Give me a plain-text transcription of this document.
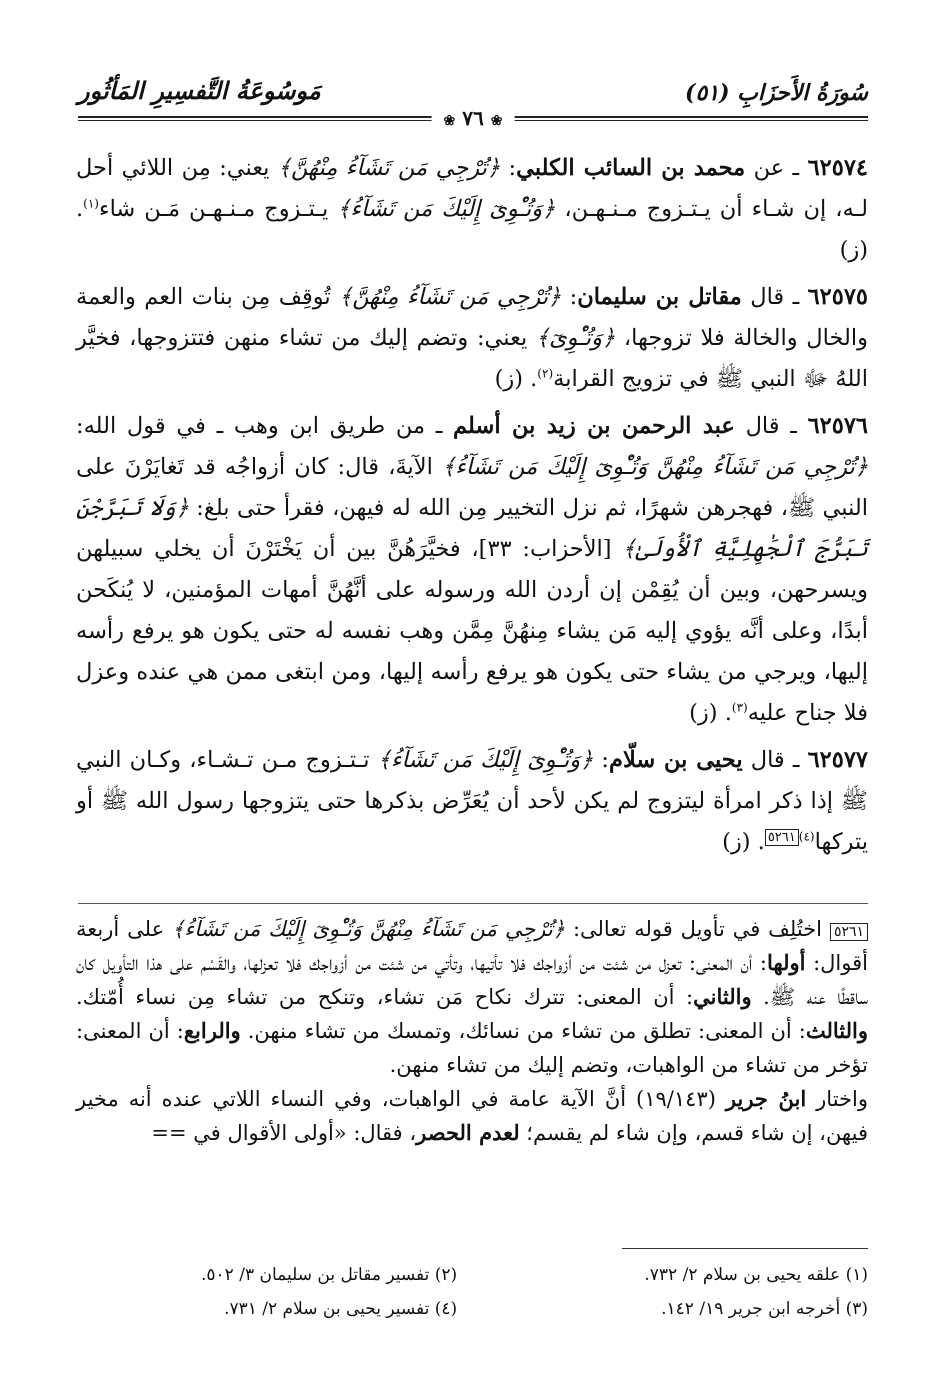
سُورَةُ الأَحزَابِ (٥١)
مَوسُوعَةُ التَّفسِيرِ المَأثُور
❀ ٧٦ ❀

٦٢٥٧٤ ـ عن محمد بن السائب الكلبي: ﴿تُرْجِي مَن تَشَآءُ مِنْهُنَّ﴾ يعني: مِن اللائي أحل لـه، إن شـاء أن يـتـزوج مـنـهـن، ﴿وَتُـْٔوِىٓ إِلَيْكَ مَن تَشَآءُ﴾ يـتـزوج مـنـهـن مَـن شاء$^{(١)}$. (ز)

٦٢٥٧٥ ـ قال مقاتل بن سليمان: ﴿تُرْجِي مَن تَشَآءُ مِنْهُنَّ﴾ تُوقِف مِن بنات العم والعمة والخال والخالة فلا تزوجها، ﴿وَتُـْٔوِىٓ﴾ يعني: وتضم إليك من تشاء منهن فتتزوجها، فخيَّر اللهُ ﷻ النبي ﷺ في تزويج القرابة$^{(٢)}$. (ز)

٦٢٥٧٦ ـ قال عبد الرحمن بن زيد بن أسلم ـ من طريق ابن وهب ـ في قول الله: ﴿تُرْجِي مَن تَشَآءُ مِنْهُنَّ وَتُـْٔوِىٓ إِلَيْكَ مَن تَشَآءُ﴾ الآيةَ، قال: كان أزواجُه قد تَغايَرْنَ على النبي ﷺ، فهجرهن شهرًا، ثم نزل التخيير مِن الله له فيهن، فقرأ حتى بلغ: ﴿وَلَا تَبَرَّجْنَ تَبَرُّجَ ٱلْجَٰهِلِيَّةِ ٱلْأُولَىٰ﴾ [الأحزاب: ٣٣]، فخيَّرَهُنَّ بين أن يَخْتَرْنَ أن يخلي سبيلهن ويسرحهن، وبين أن يُقِمْن إن أردن الله ورسوله على أنَّهُنَّ أمهات المؤمنين، لا يُنكَحن أبدًا، وعلى أنَّه يؤوي إليه مَن يشاء مِنهُنَّ مِمَّن وهب نفسه له حتى يكون هو يرفع رأسه إليها، ويرجي من يشاء حتى يكون هو يرفع رأسه إليها، ومن ابتغى ممن هي عنده وعزل فلا جناح عليه$^{(٣)}$. (ز)

٦٢٥٧٧ ـ قال يحيى بن سلّام: ﴿وَتُـْٔوِىٓ إِلَيْكَ مَن تَشَآءُ﴾ تـتـزوج مـن تـشـاء، وكـان النبي ﷺ إذا ذكر امرأة ليتزوج لم يكن لأحد أن يُعَرِّض بذكرها حتى يتزوجها رسول الله ﷺ أو يتركها$^{(٤)٥٢٦١}$. (ز)

٥٢٦١ اختُلِف في تأويل قوله تعالى: ﴿تُرْجِي مَن تَشَآءُ مِنْهُنَّ وَتُـْٔوِىٓ إِلَيْكَ مَن تَشَآءُ﴾ على أربعة أقوال: أولها: أن المعنى: تعزل من شئت من أزواجك فلا تأتيها، وتأتي من شئت من أزواجك فلا تعزلها، والقَسْم على هذا التأويل كان ساقطًا عنه ﷺ. والثاني: أن المعنى: تترك نكاح مَن تشاء، وتنكح من تشاء مِن نساء أُمّتك. والثالث: أن المعنى: تطلق من تشاء من نسائك، وتمسك من تشاء منهن. والرابع: أن المعنى: تؤخر من تشاء من الواهبات، وتضم إليك من تشاء منهن.

واختار ابنُ جرير (١٩/١٤٣) أنَّ الآية عامة في الواهبات، وفي النساء اللاتي عنده أنه مخير فيهن، إن شاء قسم، وإن شاء لم يقسم؛ لعدم الحصر، فقال: «أولى الأقوال في ==

(١) علقه يحيى بن سلام ٢/ ٧٣٢.
(٢) تفسير مقاتل بن سليمان ٣/ ٥٠٢.
(٣) أخرجه ابن جرير ١٩/ ١٤٢.
(٤) تفسير يحيى بن سلام ٢/ ٧٣١.
